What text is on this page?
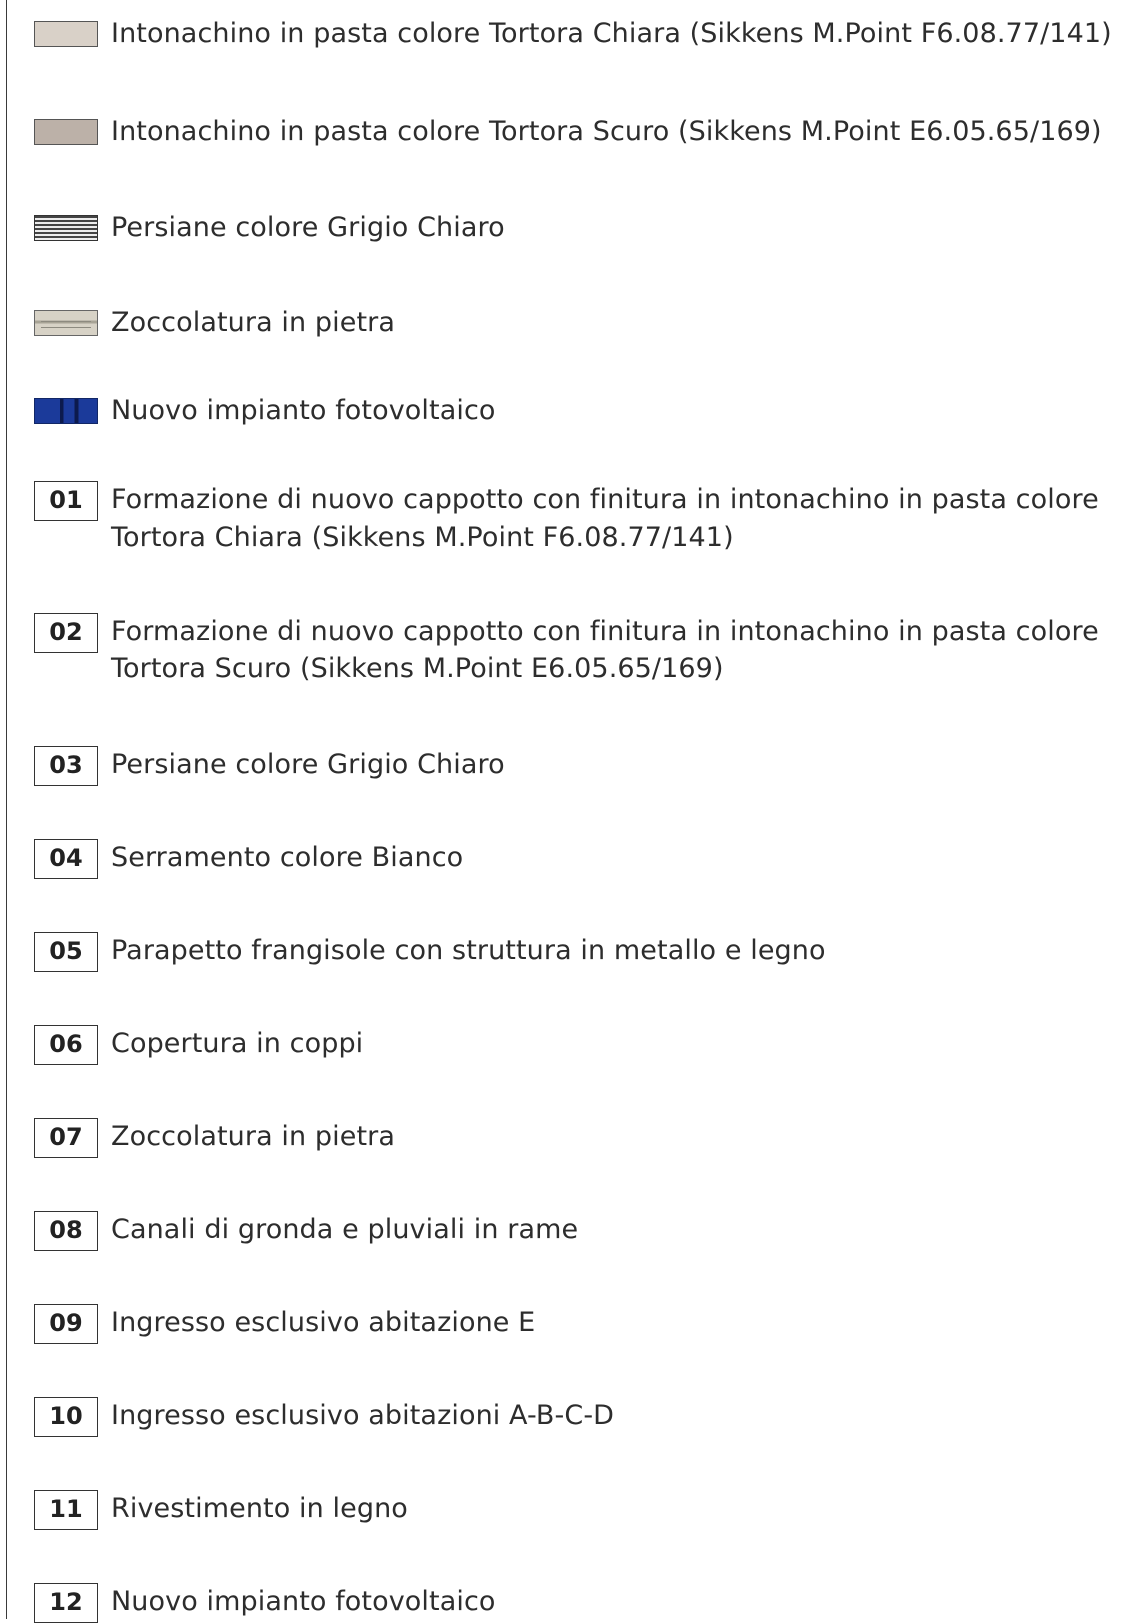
Intonachino in pasta colore Tortora Chiara (Sikkens M.Point F6.08.77/141)
Intonachino in pasta colore Tortora Scuro (Sikkens M.Point E6.05.65/169)
Persiane colore Grigio Chiaro
Zoccolatura in pietra
Nuovo impianto fotovoltaico
01	Formazione di nuovo cappotto con finitura in intonachino in pasta colore
Tortora Chiara (Sikkens M.Point F6.08.77/141)
02	Formazione di nuovo cappotto con finitura in intonachino in pasta colore
Tortora Scuro (Sikkens M.Point E6.05.65/169)
03	Persiane colore Grigio Chiaro
04	Serramento colore Bianco
05	Parapetto frangisole con struttura in metallo e legno
06	Copertura in coppi
07	Zoccolatura in pietra
08	Canali di gronda e pluviali in rame
09	Ingresso esclusivo abitazione E
10	Ingresso esclusivo abitazioni A-B-C-D
11	Rivestimento in legno
12	Nuovo impianto fotovoltaico
